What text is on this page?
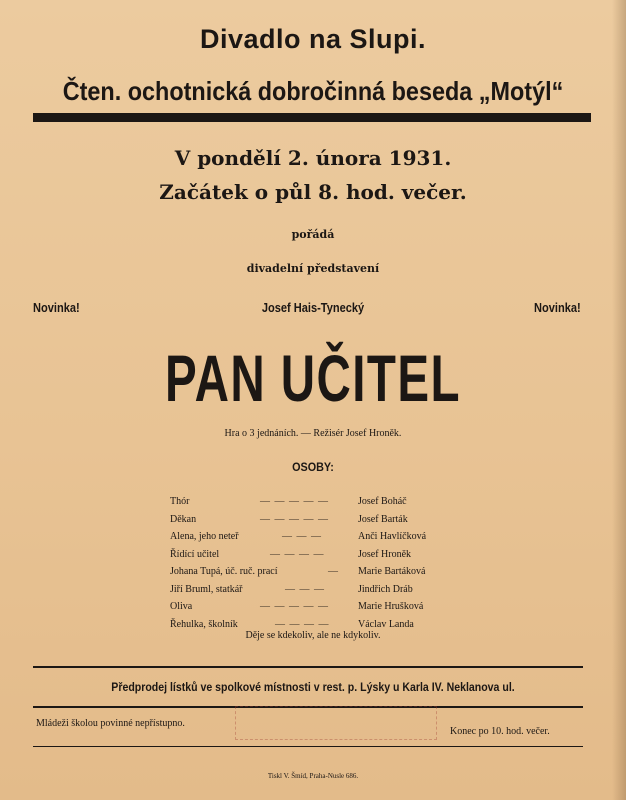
Divadlo na Slupi.
Čten. ochotnická dobročinná beseda „Motýl“
V pondělí 2. února 1931.
Začátek o půl 8. hod. večer.
pořádá
divadelní představení
Novinka!	Josef Hais-Tynecký	Novinka!
PAN UČITEL
Hra o 3 jednáních. — Režisér Josef Hroněk.
OSOBY:
Thór	— — — — —	Josef Boháč
Děkan	— — — — —	Josef Barták
Alena, jeho neteř	— — —	Anči Havlíčková
Řídící učitel	— — — —	Josef Hroněk
Johana Tupá, úč. ruč. prací	—	Marie Bartáková
Jiří Bruml, statkář	— — —	Jindřich Dráb
Oliva	— — — — —	Marie Hrušková
Řehulka, školník	— — — —	Václav Landa
Děje se kdekoliv, ale ne kdykoliv.
Předprodej lístků ve spolkové místnosti v rest. p. Lýsky u Karla IV. Neklanova ul.
Mládeži školou povinné nepřístupno.
Konec po 10. hod. večer.
Tiskl V. Šmíd, Praha-Nusle 686.
